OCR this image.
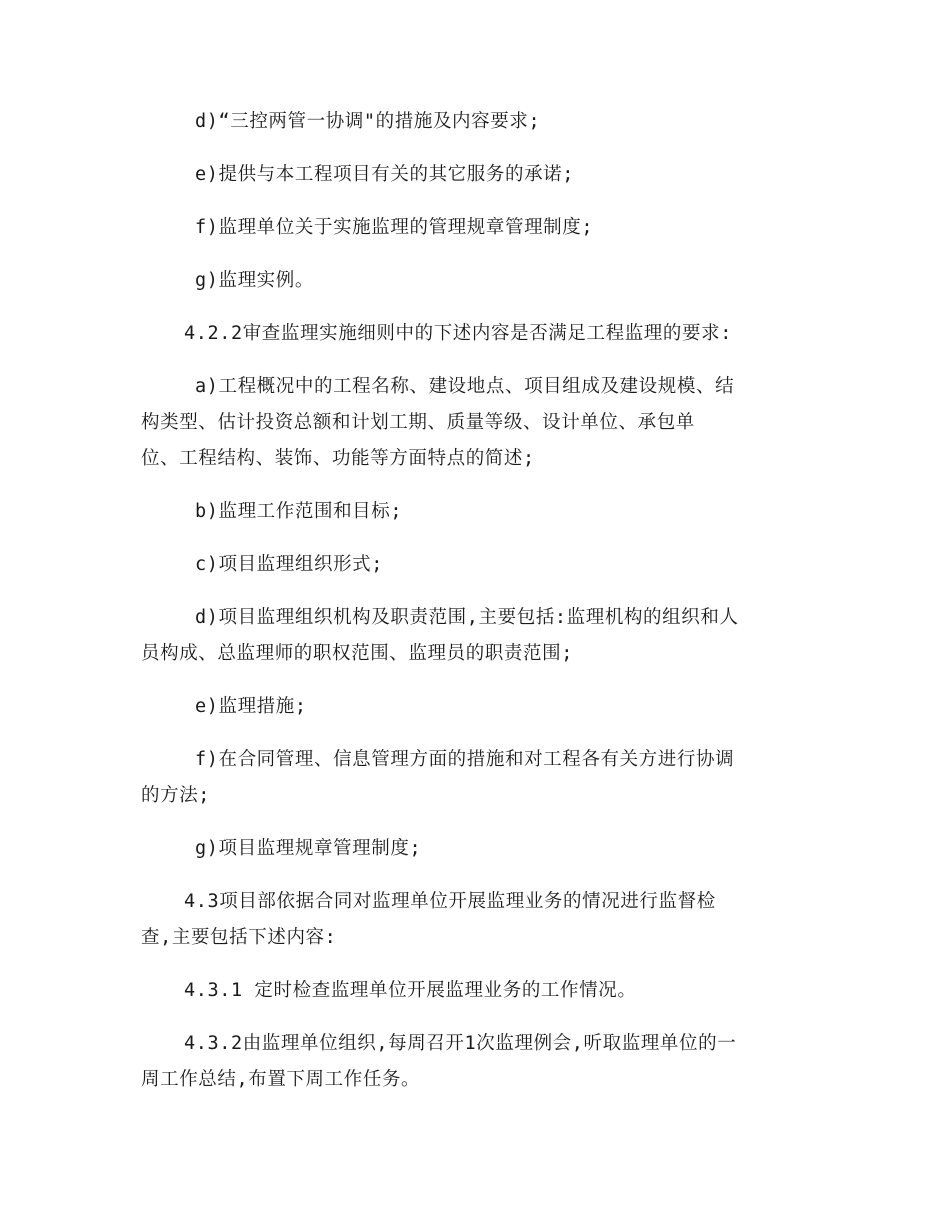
d)“三控两管一协调"的措施及内容要求;
e)提供与本工程项目有关的其它服务的承诺;
f)监理单位关于实施监理的管理规章管理制度;
g)监理实例。
4.2.2审查监理实施细则中的下述内容是否满足工程监理的要求:
a)工程概况中的工程名称、建设地点、项目组成及建设规模、结
构类型、估计投资总额和计划工期、质量等级、设计单位、承包单
位、工程结构、装饰、功能等方面特点的简述;
b)监理工作范围和目标;
c)项目监理组织形式;
d)项目监理组织机构及职责范围,主要包括:监理机构的组织和人
员构成、总监理师的职权范围、监理员的职责范围;
e)监理措施;
f)在合同管理、信息管理方面的措施和对工程各有关方进行协调
的方法;
g)项目监理规章管理制度;
4.3项目部依据合同对监理单位开展监理业务的情况进行监督检
查,主要包括下述内容:
4.3.1 定时检查监理单位开展监理业务的工作情况。
4.3.2由监理单位组织,每周召开1次监理例会,听取监理单位的一
周工作总结,布置下周工作任务。
